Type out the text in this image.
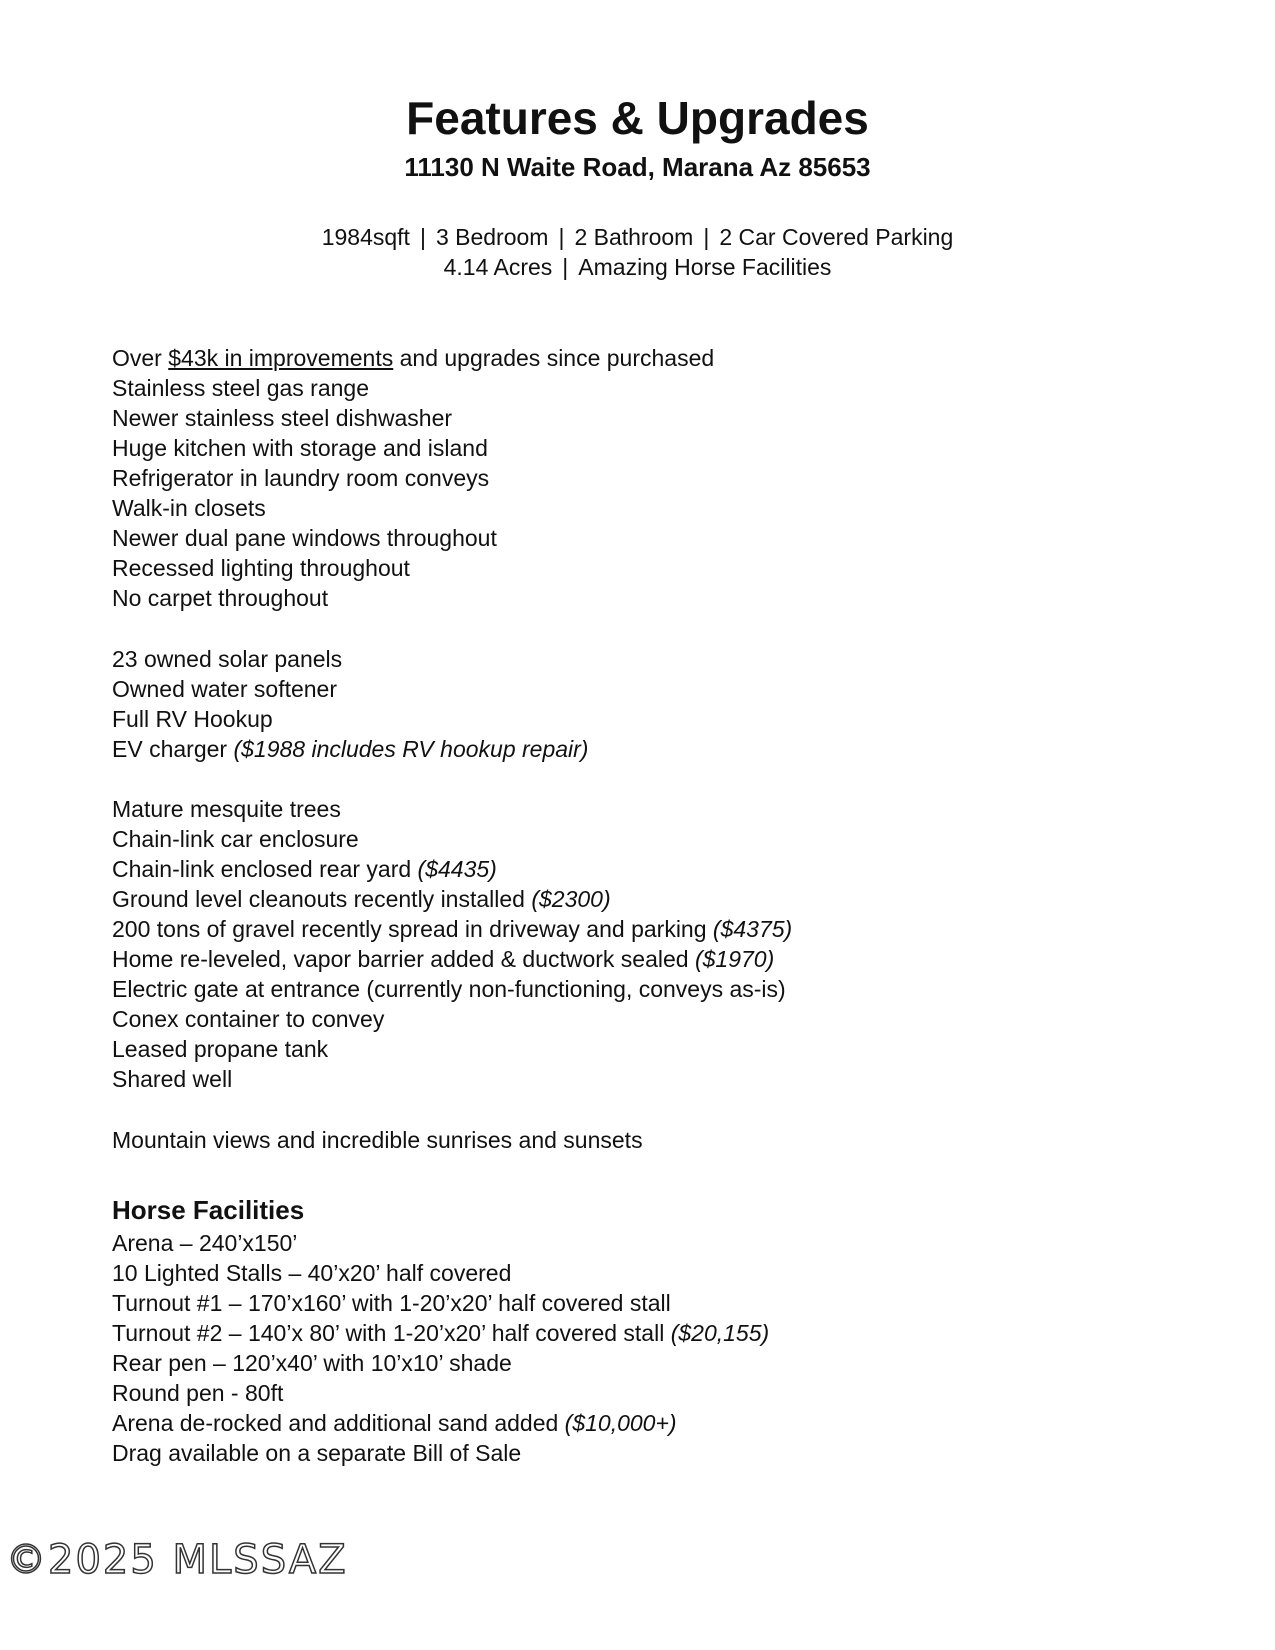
Features & Upgrades
11130 N Waite Road, Marana Az 85653
1984sqft | 3 Bedroom | 2 Bathroom | 2 Car Covered Parking
4.14 Acres | Amazing Horse Facilities
Over $43k in improvements and upgrades since purchased
Stainless steel gas range
Newer stainless steel dishwasher
Huge kitchen with storage and island
Refrigerator in laundry room conveys
Walk-in closets
Newer dual pane windows throughout
Recessed lighting throughout
No carpet throughout
23 owned solar panels
Owned water softener
Full RV Hookup
EV charger ($1988 includes RV hookup repair)
Mature mesquite trees
Chain-link car enclosure
Chain-link enclosed rear yard ($4435)
Ground level cleanouts recently installed ($2300)
200 tons of gravel recently spread in driveway and parking ($4375)
Home re-leveled, vapor barrier added & ductwork sealed ($1970)
Electric gate at entrance (currently non-functioning, conveys as-is)
Conex container to convey
Leased propane tank
Shared well
Mountain views and incredible sunrises and sunsets
Horse Facilities
Arena – 240’x150’
10 Lighted Stalls – 40’x20’ half covered
Turnout #1 – 170’x160’ with 1-20’x20’ half covered stall
Turnout #2 – 140’x 80’ with 1-20’x20’ half covered stall ($20,155)
Rear pen – 120’x40’ with 10’x10’ shade
Round pen - 80ft
Arena de-rocked and additional sand added ($10,000+)
Drag available on a separate Bill of Sale
©2025 MLSSAZ
